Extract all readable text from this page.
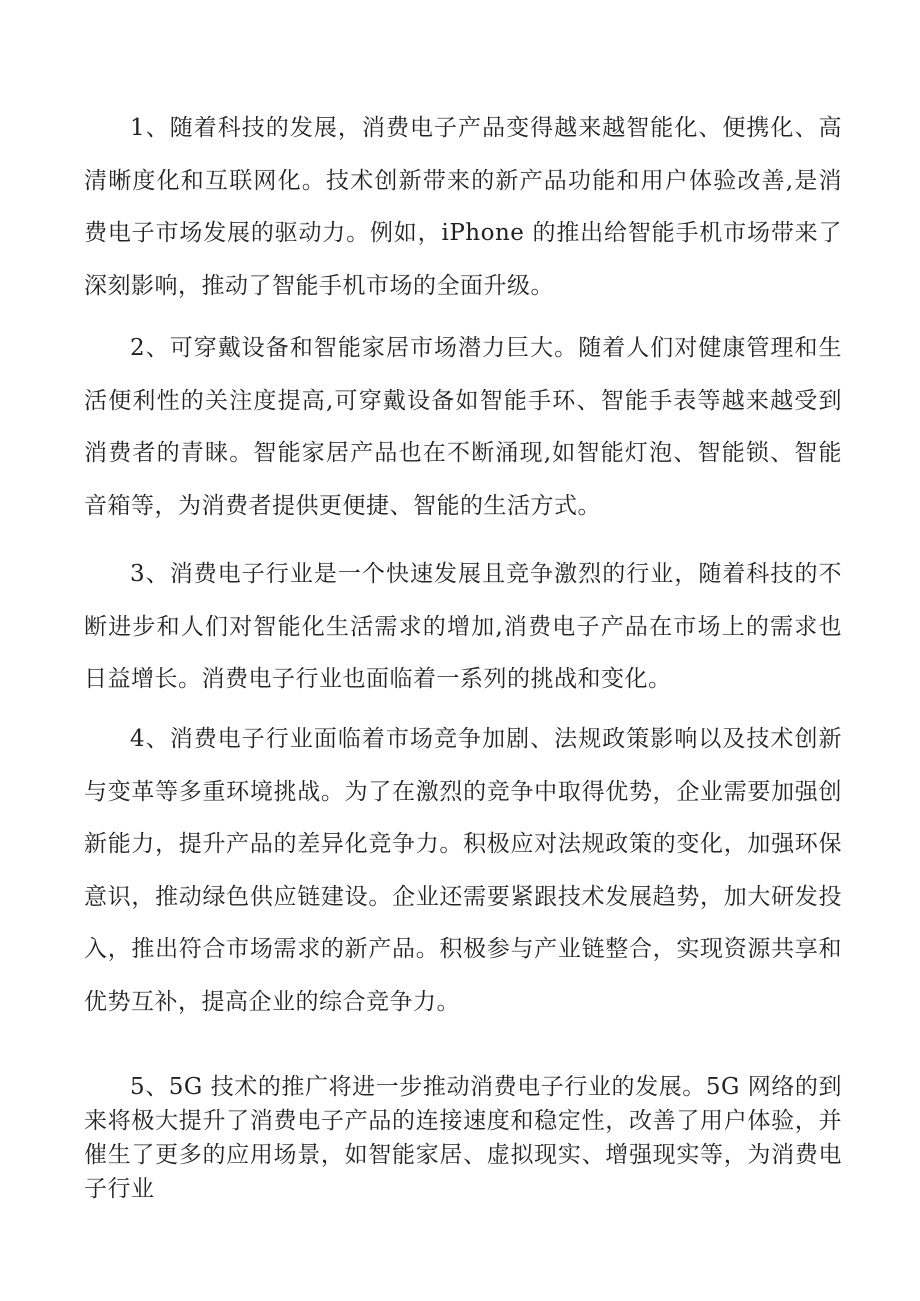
1、随着科技的发展，消费电子产品变得越来越智能化、便携化、高清晰度化和互联网化。技术创新带来的新产品功能和用户体验改善,是消费电子市场发展的驱动力。例如，iPhone 的推出给智能手机市场带来了深刻影响，推动了智能手机市场的全面升级。

2、可穿戴设备和智能家居市场潜力巨大。随着人们对健康管理和生活便利性的关注度提高,可穿戴设备如智能手环、智能手表等越来越受到消费者的青睐。智能家居产品也在不断涌现,如智能灯泡、智能锁、智能音箱等，为消费者提供更便捷、智能的生活方式。

3、消费电子行业是一个快速发展且竞争激烈的行业，随着科技的不断进步和人们对智能化生活需求的增加,消费电子产品在市场上的需求也日益增长。消费电子行业也面临着一系列的挑战和变化。

4、消费电子行业面临着市场竞争加剧、法规政策影响以及技术创新与变革等多重环境挑战。为了在激烈的竞争中取得优势，企业需要加强创新能力，提升产品的差异化竞争力。积极应对法规政策的变化，加强环保意识，推动绿色供应链建设。企业还需要紧跟技术发展趋势，加大研发投入，推出符合市场需求的新产品。积极参与产业链整合，实现资源共享和优势互补，提高企业的综合竞争力。

5、5G 技术的推广将进一步推动消费电子行业的发展。5G 网络的到来将极大提升了消费电子产品的连接速度和稳定性，改善了用户体验，并催生了更多的应用场景，如智能家居、虚拟现实、增强现实等，为消费电子行业
